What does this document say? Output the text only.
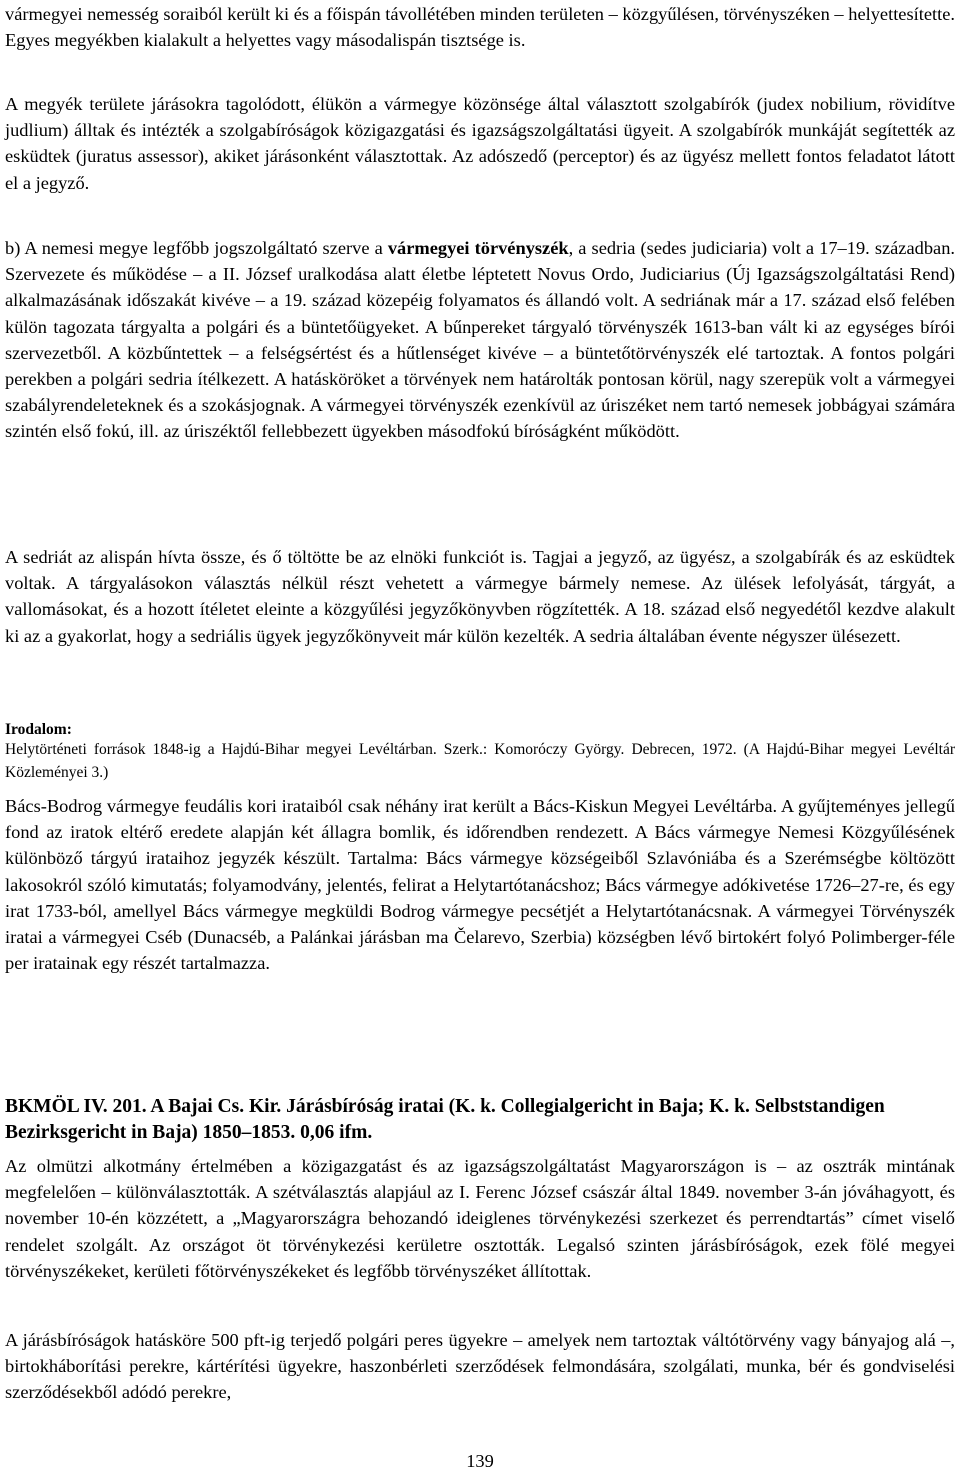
vármegyei nemesség soraiból került ki és a főispán távollétében minden területen – közgyűlésen, törvényszéken – helyettesítette. Egyes megyékben kialakult a helyettes vagy másodalispán tisztsége is.

A megyék területe járásokra tagolódott, élükön a vármegye közönsége által választott szolgabírók (judex nobilium, rövidítve judlium) álltak és intézték a szolgabíróságok közigazgatási és igazságszolgáltatási ügyeit. A szolgabírók munkáját segítették az esküdtek (juratus assessor), akiket járásonként választottak. Az adószedő (perceptor) és az ügyész mellett fontos feladatot látott el a jegyző.

b) A nemesi megye legfőbb jogszolgáltató szerve a vármegyei törvényszék, a sedria (sedes judiciaria) volt a 17–19. században. Szervezete és működése – a II. József uralkodása alatt életbe léptetett Novus Ordo, Judiciarius (Új Igazságszolgáltatási Rend) alkalmazásának időszakát kivéve – a 19. század közepéig folyamatos és állandó volt. A sedriának már a 17. század első felében külön tagozata tárgyalta a polgári és a büntetőügyeket. A bűnpereket tárgyaló törvényszék 1613-ban vált ki az egységes bírói szervezetből. A közbűntettek – a felségsértést és a hűtlenséget kivéve – a büntetőtörvényszék elé tartoztak. A fontos polgári perekben a polgári sedria ítélkezett. A hatásköröket a törvények nem határolták pontosan körül, nagy szerepük volt a vármegyei szabályrendeleteknek és a szokásjognak. A vármegyei törvényszék ezenkívül az úriszéket nem tartó nemesek jobbágyai számára szintén első fokú, ill. az úriszéktől fellebbezett ügyekben másodfokú bíróságként működött.

A sedriát az alispán hívta össze, és ő töltötte be az elnöki funkciót is. Tagjai a jegyző, az ügyész, a szolgabírák és az esküdtek voltak. A tárgyalásokon választás nélkül részt vehetett a vármegye bármely nemese. Az ülések lefolyását, tárgyát, a vallomásokat, és a hozott ítéletet eleinte a közgyűlési jegyzőkönyvben rögzítették. A 18. század első negyedétől kezdve alakult ki az a gyakorlat, hogy a sedriális ügyek jegyzőkönyveit már külön kezelték. A sedria általában évente négyszer ülésezett.

Irodalom:

Helytörténeti források 1848-ig a Hajdú-Bihar megyei Levéltárban. Szerk.: Komoróczy György. Debrecen, 1972. (A Hajdú-Bihar megyei Levéltár Közleményei 3.)

Bács-Bodrog vármegye feudális kori irataiból csak néhány irat került a Bács-Kiskun Megyei Levéltárba. A gyűjteményes jellegű fond az iratok eltérő eredete alapján két állagra bomlik, és időrendben rendezett. A Bács vármegye Nemesi Közgyűlésének különböző tárgyú irataihoz jegyzék készült. Tartalma: Bács vármegye községeiből Szlavóniába és a Szerémségbe költözött lakosokról szóló kimutatás; folyamodvány, jelentés, felirat a Helytartótanácshoz; Bács vármegye adókivetése 1726–27-re, és egy irat 1733-ból, amellyel Bács vármegye megküldi Bodrog vármegye pecsétjét a Helytartótanácsnak. A vármegyei Törvényszék iratai a vármegyei Cséb (Dunacséb, a Palánkai járásban ma Čelarevo, Szerbia) községben lévő birtokért folyó Polimberger-féle per iratainak egy részét tartalmazza.

BKMÖL IV. 201. A Bajai Cs. Kir. Járásbíróság iratai (K. k. Collegialgericht in Baja; K. k. Selbststandigen Bezirksgericht in Baja) 1850–1853. 0,06 ifm.

Az olmützi alkotmány értelmében a közigazgatást és az igazságszolgáltatást Magyarországon is – az osztrák mintának megfelelően – különválasztották. A szétválasztás alapjául az I. Ferenc József császár által 1849. november 3-án jóváhagyott, és november 10-én közzétett, a „Magyarországra behozandó ideiglenes törvénykezési szerkezet és perrendtartás” címet viselő rendelet szolgált. Az országot öt törvénykezési kerületre osztották. Legalsó szinten járásbíróságok, ezek fölé megyei törvényszékeket, kerületi főtörvényszékeket és legfőbb törvényszéket állítottak.

A járásbíróságok hatásköre 500 pft-ig terjedő polgári peres ügyekre – amelyek nem tartoztak váltótörvény vagy bányajog alá –, birtokháborítási perekre, kártérítési ügyekre, haszonbérleti szerződések felmondására, szolgálati, munka, bér és gondviselési szerződésekből adódó perekre,

139
